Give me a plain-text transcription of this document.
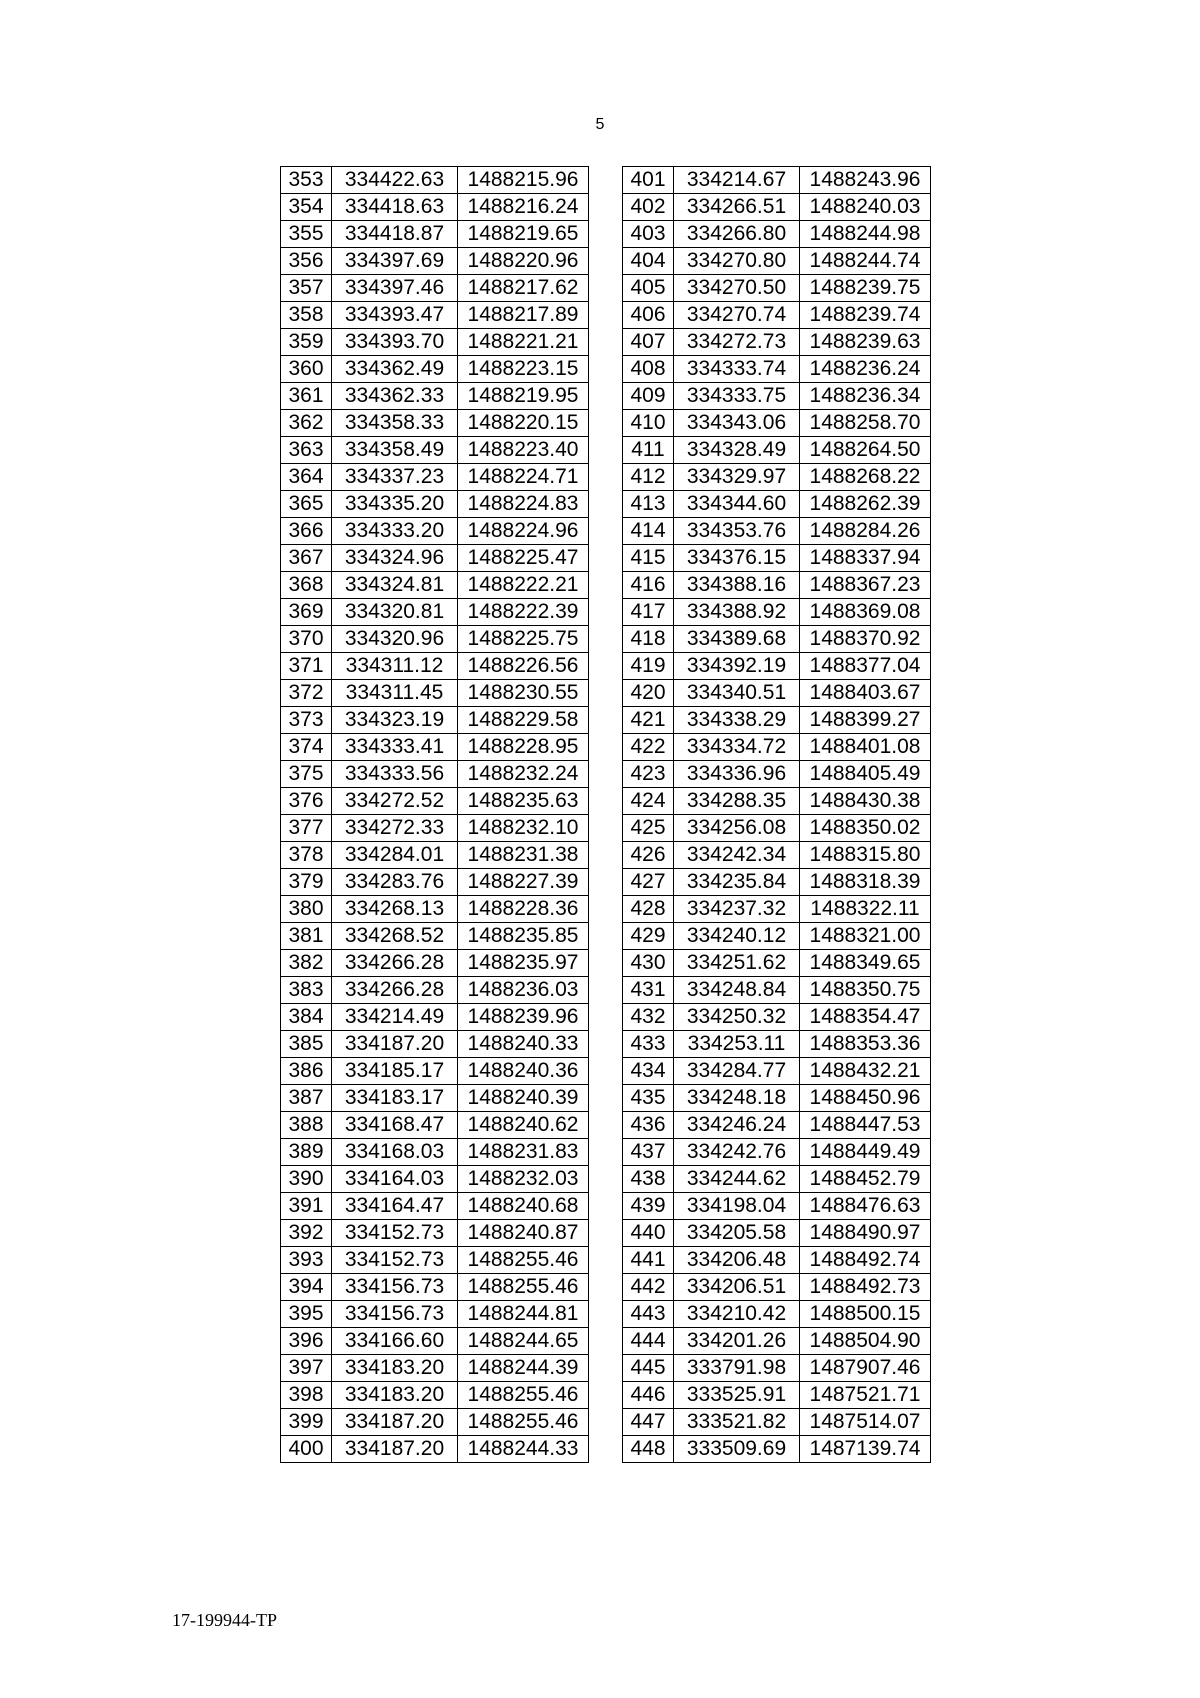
5
353	334422.63	1488215.96
354	334418.63	1488216.24
355	334418.87	1488219.65
356	334397.69	1488220.96
357	334397.46	1488217.62
358	334393.47	1488217.89
359	334393.70	1488221.21
360	334362.49	1488223.15
361	334362.33	1488219.95
362	334358.33	1488220.15
363	334358.49	1488223.40
364	334337.23	1488224.71
365	334335.20	1488224.83
366	334333.20	1488224.96
367	334324.96	1488225.47
368	334324.81	1488222.21
369	334320.81	1488222.39
370	334320.96	1488225.75
371	334311.12	1488226.56
372	334311.45	1488230.55
373	334323.19	1488229.58
374	334333.41	1488228.95
375	334333.56	1488232.24
376	334272.52	1488235.63
377	334272.33	1488232.10
378	334284.01	1488231.38
379	334283.76	1488227.39
380	334268.13	1488228.36
381	334268.52	1488235.85
382	334266.28	1488235.97
383	334266.28	1488236.03
384	334214.49	1488239.96
385	334187.20	1488240.33
386	334185.17	1488240.36
387	334183.17	1488240.39
388	334168.47	1488240.62
389	334168.03	1488231.83
390	334164.03	1488232.03
391	334164.47	1488240.68
392	334152.73	1488240.87
393	334152.73	1488255.46
394	334156.73	1488255.46
395	334156.73	1488244.81
396	334166.60	1488244.65
397	334183.20	1488244.39
398	334183.20	1488255.46
399	334187.20	1488255.46
400	334187.20	1488244.33
401	334214.67	1488243.96
402	334266.51	1488240.03
403	334266.80	1488244.98
404	334270.80	1488244.74
405	334270.50	1488239.75
406	334270.74	1488239.74
407	334272.73	1488239.63
408	334333.74	1488236.24
409	334333.75	1488236.34
410	334343.06	1488258.70
411	334328.49	1488264.50
412	334329.97	1488268.22
413	334344.60	1488262.39
414	334353.76	1488284.26
415	334376.15	1488337.94
416	334388.16	1488367.23
417	334388.92	1488369.08
418	334389.68	1488370.92
419	334392.19	1488377.04
420	334340.51	1488403.67
421	334338.29	1488399.27
422	334334.72	1488401.08
423	334336.96	1488405.49
424	334288.35	1488430.38
425	334256.08	1488350.02
426	334242.34	1488315.80
427	334235.84	1488318.39
428	334237.32	1488322.11
429	334240.12	1488321.00
430	334251.62	1488349.65
431	334248.84	1488350.75
432	334250.32	1488354.47
433	334253.11	1488353.36
434	334284.77	1488432.21
435	334248.18	1488450.96
436	334246.24	1488447.53
437	334242.76	1488449.49
438	334244.62	1488452.79
439	334198.04	1488476.63
440	334205.58	1488490.97
441	334206.48	1488492.74
442	334206.51	1488492.73
443	334210.42	1488500.15
444	334201.26	1488504.90
445	333791.98	1487907.46
446	333525.91	1487521.71
447	333521.82	1487514.07
448	333509.69	1487139.74
17-199944-TP
